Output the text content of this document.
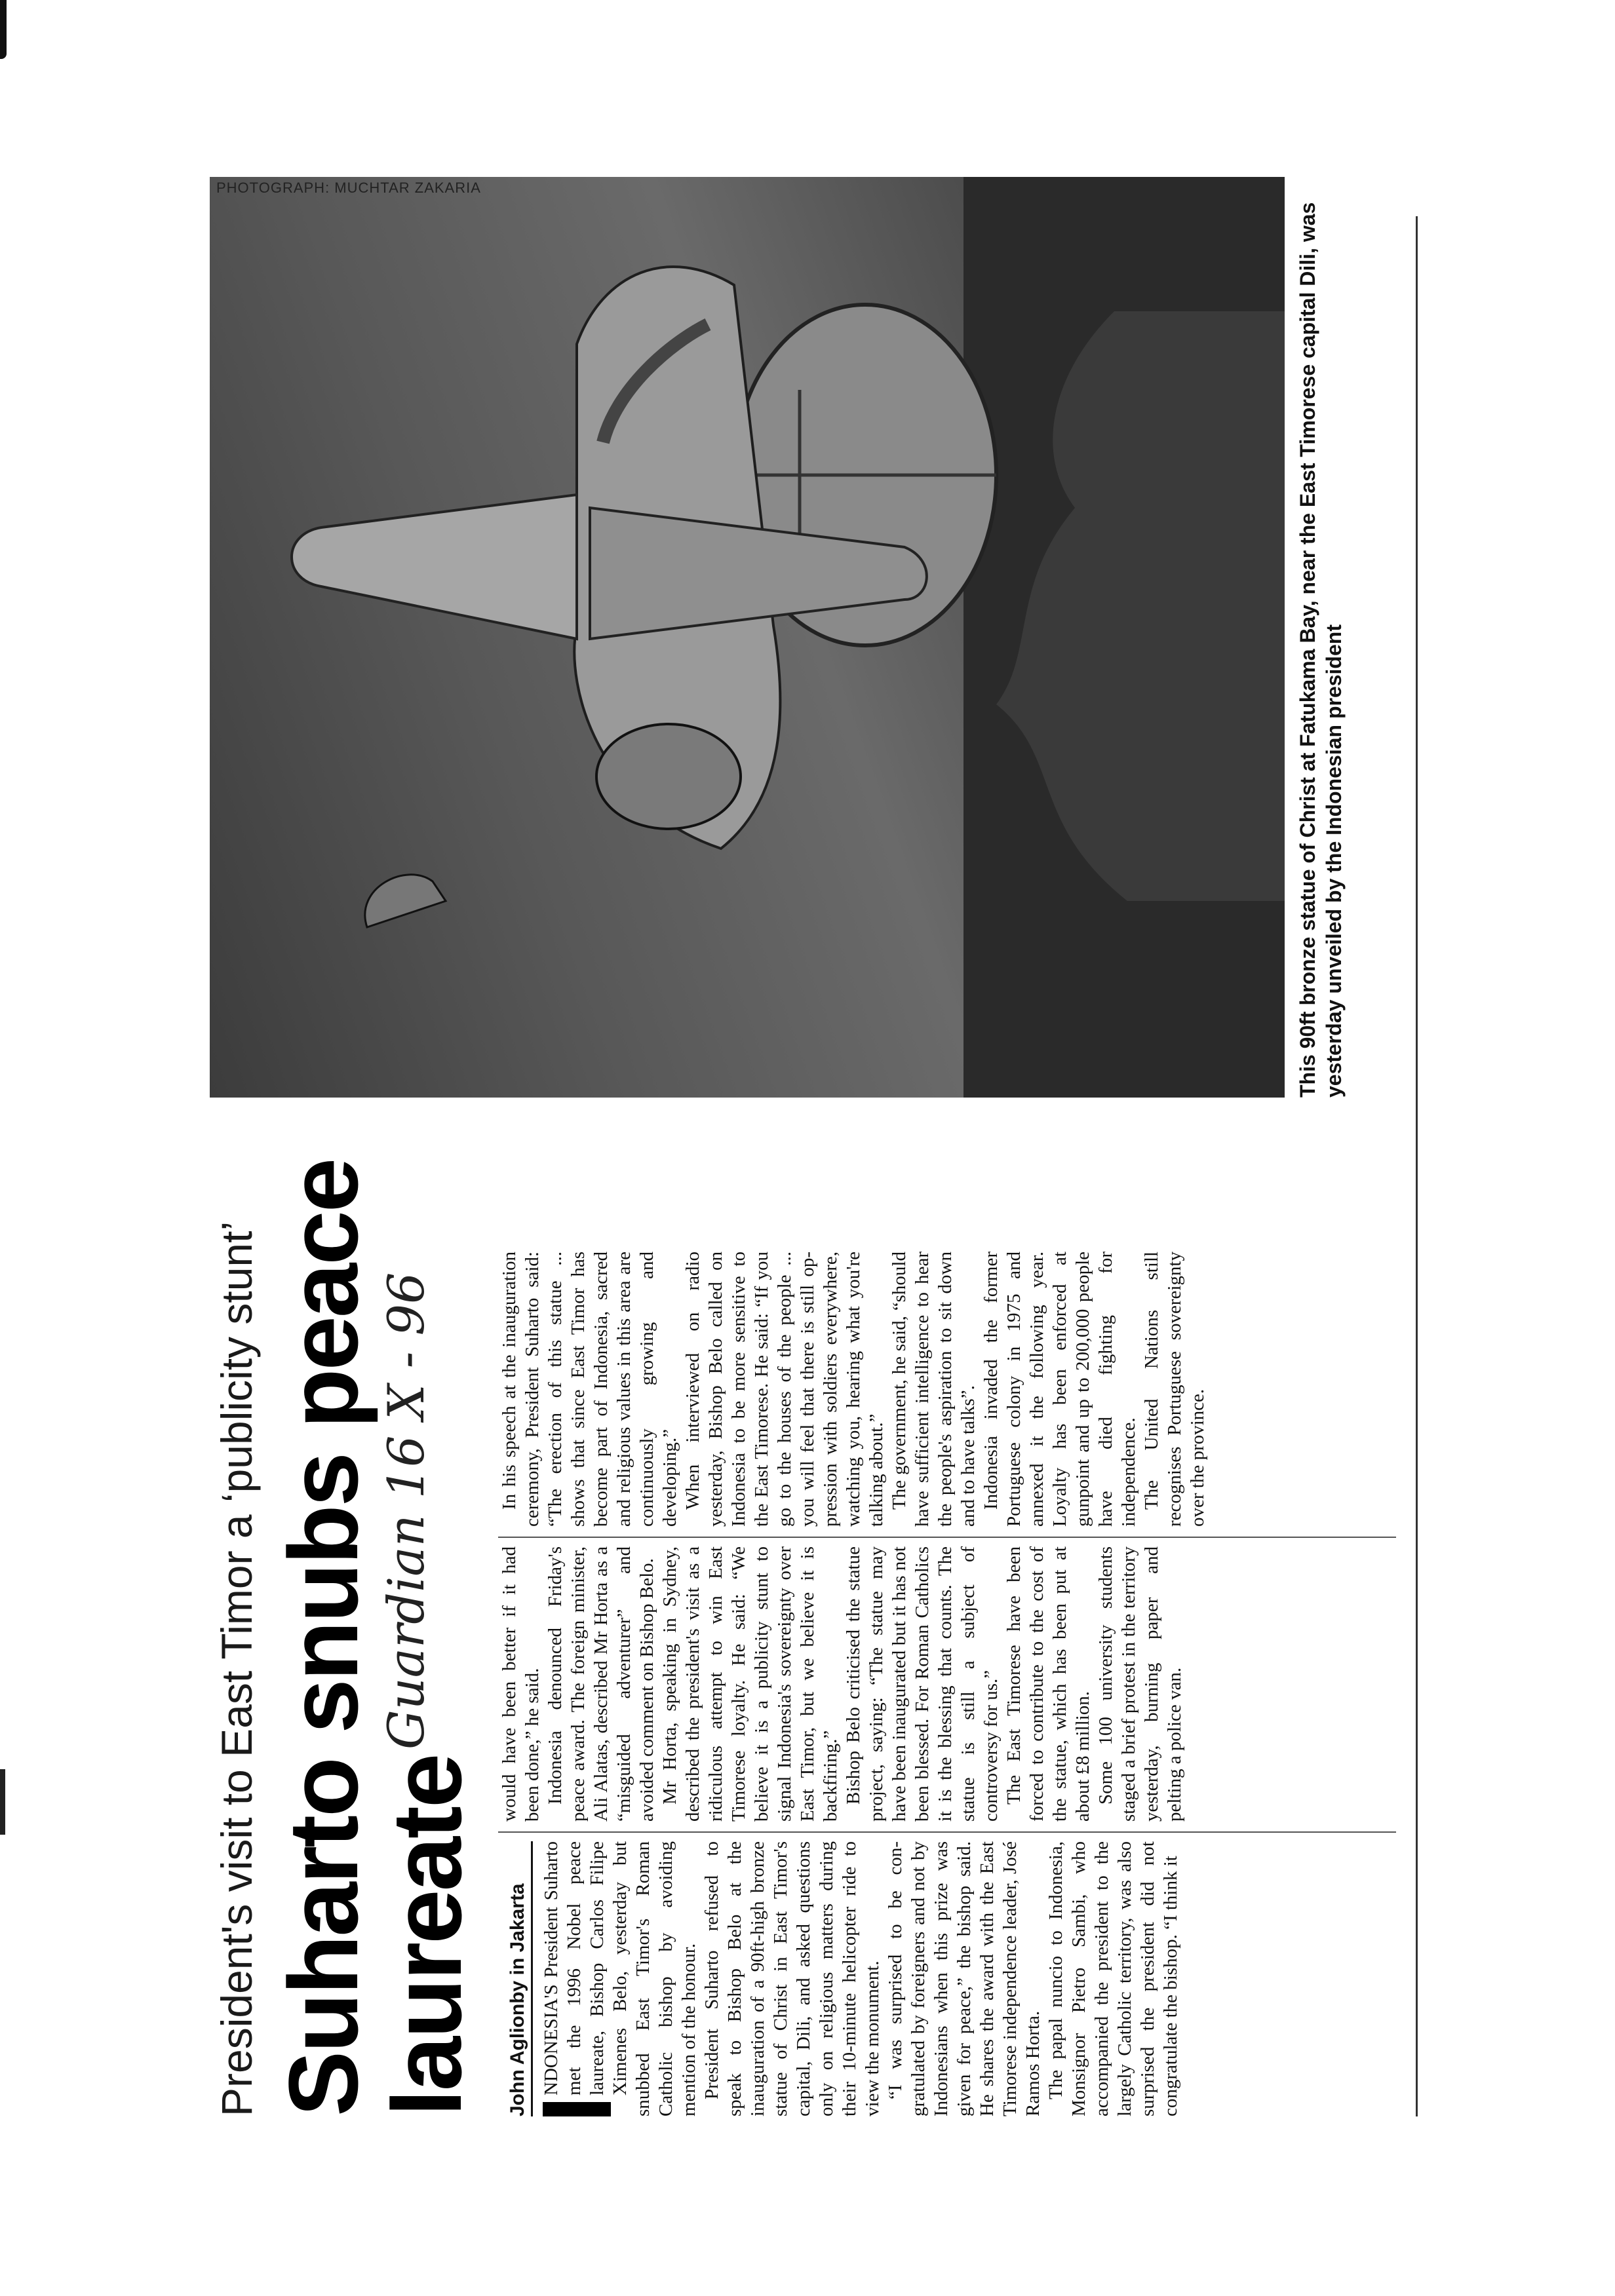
President's visit to East Timor a ‘publicity stunt’ Suharto snubs peace laureate
Guardian 16 X - 96
John Aglionby in Jakarta NDONESIA'S President Suharto met the 1996 Nobel peace laureate, Bishop Carlos Filipe Ximenes Belo, yesterday but snubbed East Timor's Roman Catholic bishop by avoiding mention of the honour. President Suharto refused to speak to Bishop Belo at the inauguration of a 90ft-high bronze statue of Christ in East Timor's capital, Dili, and asked questions only on religious matters during their 10-minute helicopter ride to view the monument. “I was surprised to be congratulated by foreigners and not by Indonesians when this prize was given for peace,” the bishop said. He shares the award with the East Timorese independence leader, José Ramos Horta. The papal nuncio to Indonesia, Monsignor Pietro Sambi, who accompanied the president to the largely Catholic territory, was also surprised the president did not congratulate the bishop. “I think it

would have been better if it had been done,” he said. Indonesia denounced Friday's peace award. The foreign minister, Ali Alatas, described Mr Horta as a “misguided adventurer” and avoided comment on Bishop Belo. Mr Horta, speaking in Sydney, described the president's visit as a ridiculous attempt to win East Timorese loyalty. He said: “We believe it is a publicity stunt to signal Indonesia's sovereignty over East Timor, but we believe it is backfiring.” Bishop Belo criticised the statue project, saying: “The statue may have been inaugurated but it has not been blessed. For Roman Catholics it is the blessing that counts. The statue is still a subject of controversy for us.” The East Timorese have been forced to contribute to the cost of the statue, which has been put at about £8 million. Some 100 university students staged a brief protest in the territory yesterday, burning paper and pelting a police van.

In his speech at the inauguration ceremony, President Suharto said: “The erection of this statue ... shows that since East Timor has become part of Indonesia, sacred and religious values in this area are continuously growing and developing.” When interviewed on radio yesterday, Bishop Belo called on Indonesia to be more sensitive to the East Timorese. He said: “If you go to the houses of the people ... you will feel that there is still oppression with soldiers everywhere, watching you, hearing what you're talking about.” The government, he said, “should have sufficient intelligence to hear the people's aspiration to sit down and to have talks”. Indonesia invaded the former Portuguese colony in 1975 and annexed it the following year. Loyalty has been enforced at gunpoint and up to 200,000 people have died fighting for independence. The United Nations still recognises Portuguese sovereignty over the province.

PHOTOGRAPH: MUCHTAR ZAKARIA
This 90ft bronze statue of Christ at Fatukama Bay, near the East Timorese capital Dili, was yesterday unveiled by the Indonesian president
